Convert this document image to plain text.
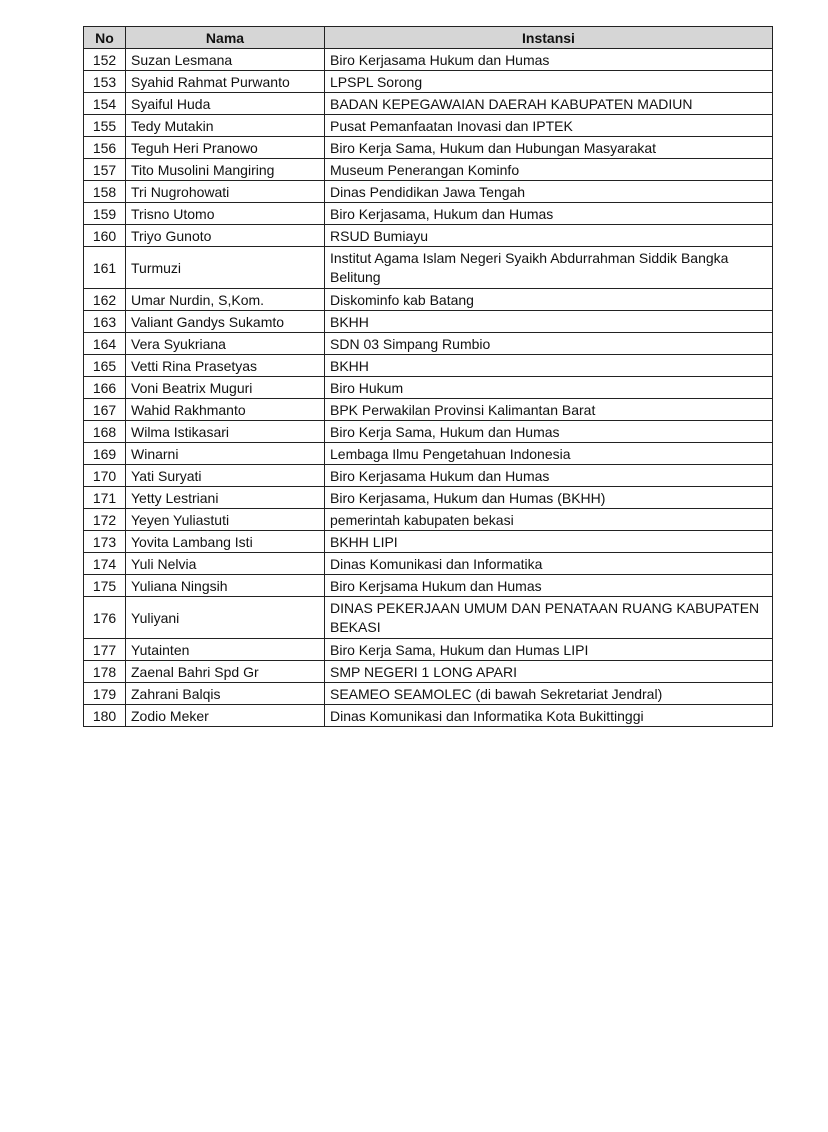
No	Nama	Instansi
152	Suzan Lesmana	Biro Kerjasama Hukum dan Humas
153	Syahid Rahmat Purwanto	LPSPL Sorong
154	Syaiful Huda	BADAN KEPEGAWAIAN DAERAH KABUPATEN MADIUN
155	Tedy Mutakin	Pusat Pemanfaatan Inovasi dan IPTEK
156	Teguh Heri Pranowo	Biro Kerja Sama, Hukum dan Hubungan Masyarakat
157	Tito Musolini Mangiring	Museum Penerangan Kominfo
158	Tri Nugrohowati	Dinas Pendidikan Jawa Tengah
159	Trisno Utomo	Biro Kerjasama, Hukum dan Humas
160	Triyo Gunoto	RSUD Bumiayu
161	Turmuzi	Institut Agama Islam Negeri Syaikh Abdurrahman Siddik Bangka Belitung
162	Umar Nurdin, S,Kom.	Diskominfo kab Batang
163	Valiant Gandys Sukamto	BKHH
164	Vera Syukriana	SDN 03 Simpang Rumbio
165	Vetti Rina Prasetyas	BKHH
166	Voni Beatrix Muguri	Biro Hukum
167	Wahid Rakhmanto	BPK Perwakilan Provinsi Kalimantan Barat
168	Wilma Istikasari	Biro Kerja Sama, Hukum dan Humas
169	Winarni	Lembaga Ilmu Pengetahuan Indonesia
170	Yati Suryati	Biro Kerjasama Hukum dan Humas
171	Yetty Lestriani	Biro Kerjasama, Hukum dan Humas (BKHH)
172	Yeyen Yuliastuti	pemerintah kabupaten bekasi
173	Yovita Lambang Isti	BKHH LIPI
174	Yuli Nelvia	Dinas Komunikasi dan Informatika
175	Yuliana Ningsih	Biro Kerjsama Hukum dan Humas
176	Yuliyani	DINAS PEKERJAAN UMUM DAN PENATAAN RUANG KABUPATEN BEKASI
177	Yutainten	Biro Kerja Sama, Hukum dan Humas LIPI
178	Zaenal Bahri Spd Gr	SMP NEGERI 1 LONG APARI
179	Zahrani Balqis	SEAMEO SEAMOLEC (di bawah Sekretariat Jendral)
180	Zodio Meker	Dinas Komunikasi dan Informatika Kota Bukittinggi
